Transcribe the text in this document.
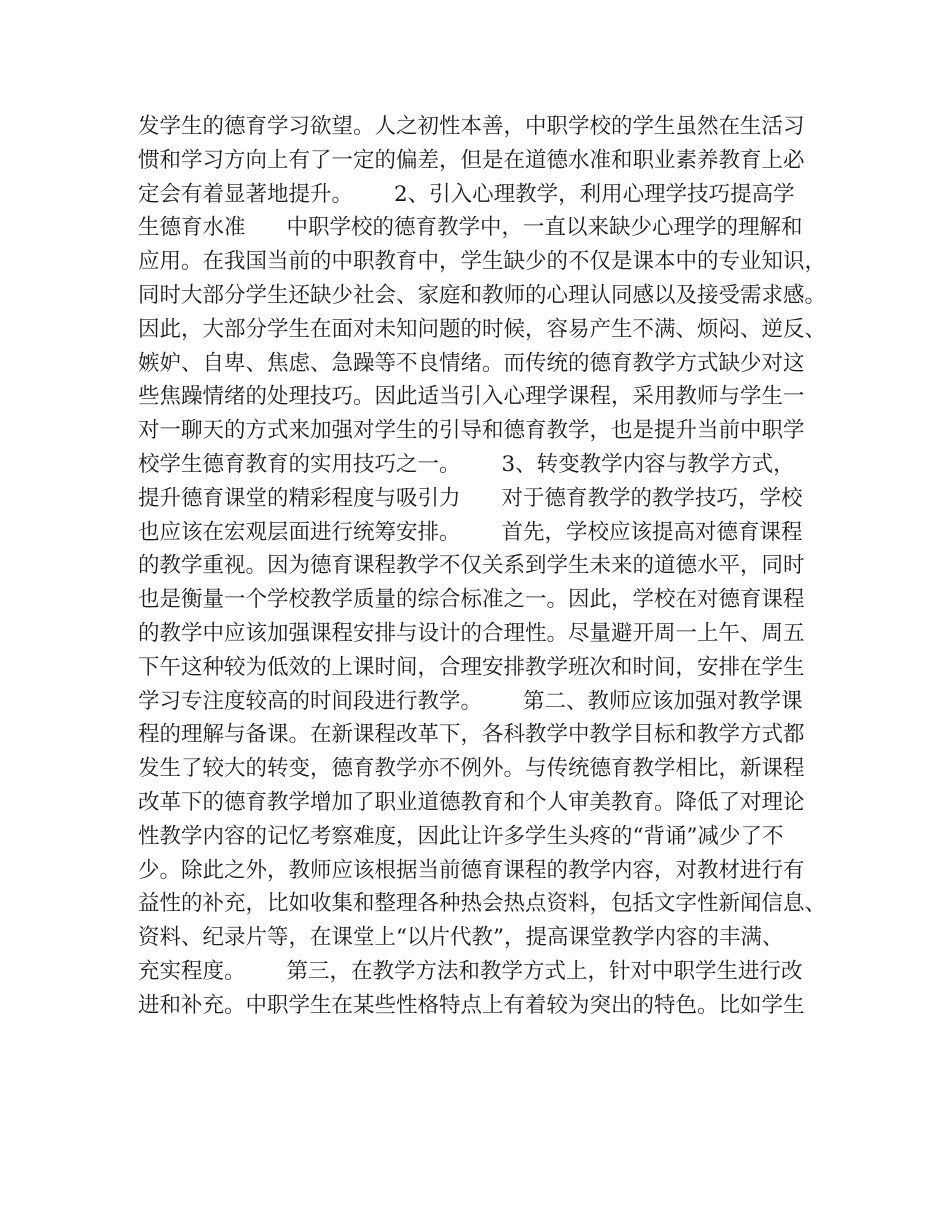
发学生的德育学习欲望。人之初性本善，中职学校的学生虽然在生活习
惯和学习方向上有了一定的偏差，但是在道德水准和职业素养教育上必
定会有着显著地提升。      2、引入心理教学，利用心理学技巧提高学
生德育水准      中职学校的德育教学中，一直以来缺少心理学的理解和
应用。在我国当前的中职教育中，学生缺少的不仅是课本中的专业知识，
同时大部分学生还缺少社会、家庭和教师的心理认同感以及接受需求感。
因此，大部分学生在面对未知问题的时候，容易产生不满、烦闷、逆反、
嫉妒、自卑、焦虑、急躁等不良情绪。而传统的德育教学方式缺少对这
些焦躁情绪的处理技巧。因此适当引入心理学课程，采用教师与学生一
对一聊天的方式来加强对学生的引导和德育教学，也是提升当前中职学
校学生德育教育的实用技巧之一。      3、转变教学内容与教学方式，
提升德育课堂的精彩程度与吸引力      对于德育教学的教学技巧，学校
也应该在宏观层面进行统筹安排。      首先，学校应该提高对德育课程
的教学重视。因为德育课程教学不仅关系到学生未来的道德水平，同时
也是衡量一个学校教学质量的综合标准之一。因此，学校在对德育课程
的教学中应该加强课程安排与设计的合理性。尽量避开周一上午、周五
下午这种较为低效的上课时间，合理安排教学班次和时间，安排在学生
学习专注度较高的时间段进行教学。      第二、教师应该加强对教学课
程的理解与备课。在新课程改革下，各科教学中教学目标和教学方式都
发生了较大的转变，德育教学亦不例外。与传统德育教学相比，新课程
改革下的德育教学增加了职业道德教育和个人审美教育。降低了对理论
性教学内容的记忆考察难度，因此让许多学生头疼的“背诵”减少了不
少。除此之外，教师应该根据当前德育课程的教学内容，对教材进行有
益性的补充，比如收集和整理各种热会热点资料，包括文字性新闻信息、
资料、纪录片等，在课堂上“以片代教”，提高课堂教学内容的丰满、
充实程度。      第三，在教学方法和教学方式上，针对中职学生进行改
进和补充。中职学生在某些性格特点上有着较为突出的特色。比如学生
